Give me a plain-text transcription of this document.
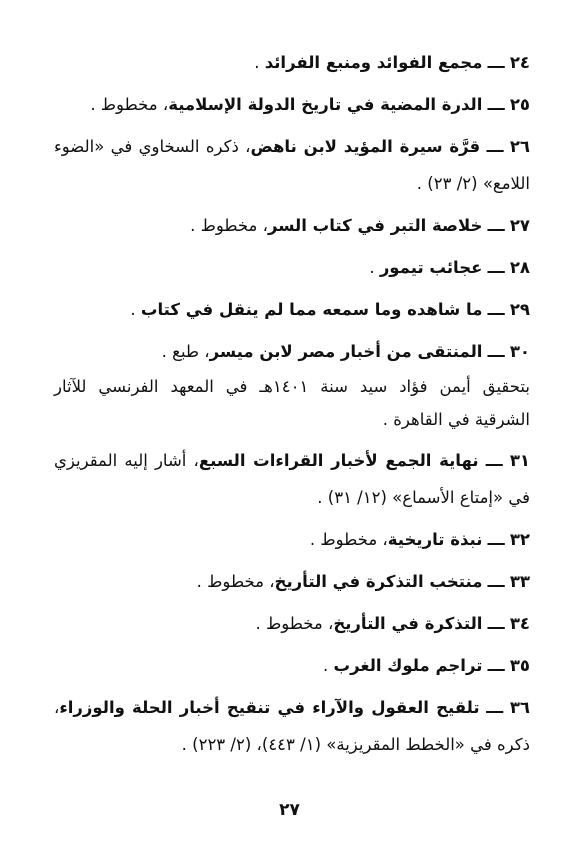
٢٤ ـــ مجمع الفوائد ومنبع الفرائد .

٢٥ ـــ الدرة المضية في تاريخ الدولة الإسلامية، مخطوط .

٢٦ ـــ قرَّة سيرة المؤيد لابن ناهض، ذكره السخاوي في «الضوء اللامع» (٢/ ٢٣) .

٢٧ ـــ خلاصة التبر في كتاب السر، مخطوط .

٢٨ ـــ عجائب تيمور .

٢٩ ـــ ما شاهده وما سمعه مما لم ينقل في كتاب .

٣٠ ـــ المنتقى من أخبار مصر لابن ميسر، طبع .

بتحقيق أيمن فؤاد سيد سنة ١٤٠١هـ في المعهد الفرنسي للآثار الشرقية في القاهرة .

٣١ ـــ نهاية الجمع لأخبار القراءات السبع، أشار إليه المقريزي في «إمتاع الأسماع» (١٢/ ٣١) .

٣٢ ـــ نبذة تاريخية، مخطوط .

٣٣ ـــ منتخب التذكرة في التأريخ، مخطوط .

٣٤ ـــ التذكرة في التأريخ، مخطوط .

٣٥ ـــ تراجم ملوك الغرب .

٣٦ ـــ تلقيح العقول والآراء في تنقيح أخبار الحلة والوزراء، ذكره في «الخطط المقريزية» (١/ ٤٤٣)، (٢/ ٢٢٣) .

٢٧
